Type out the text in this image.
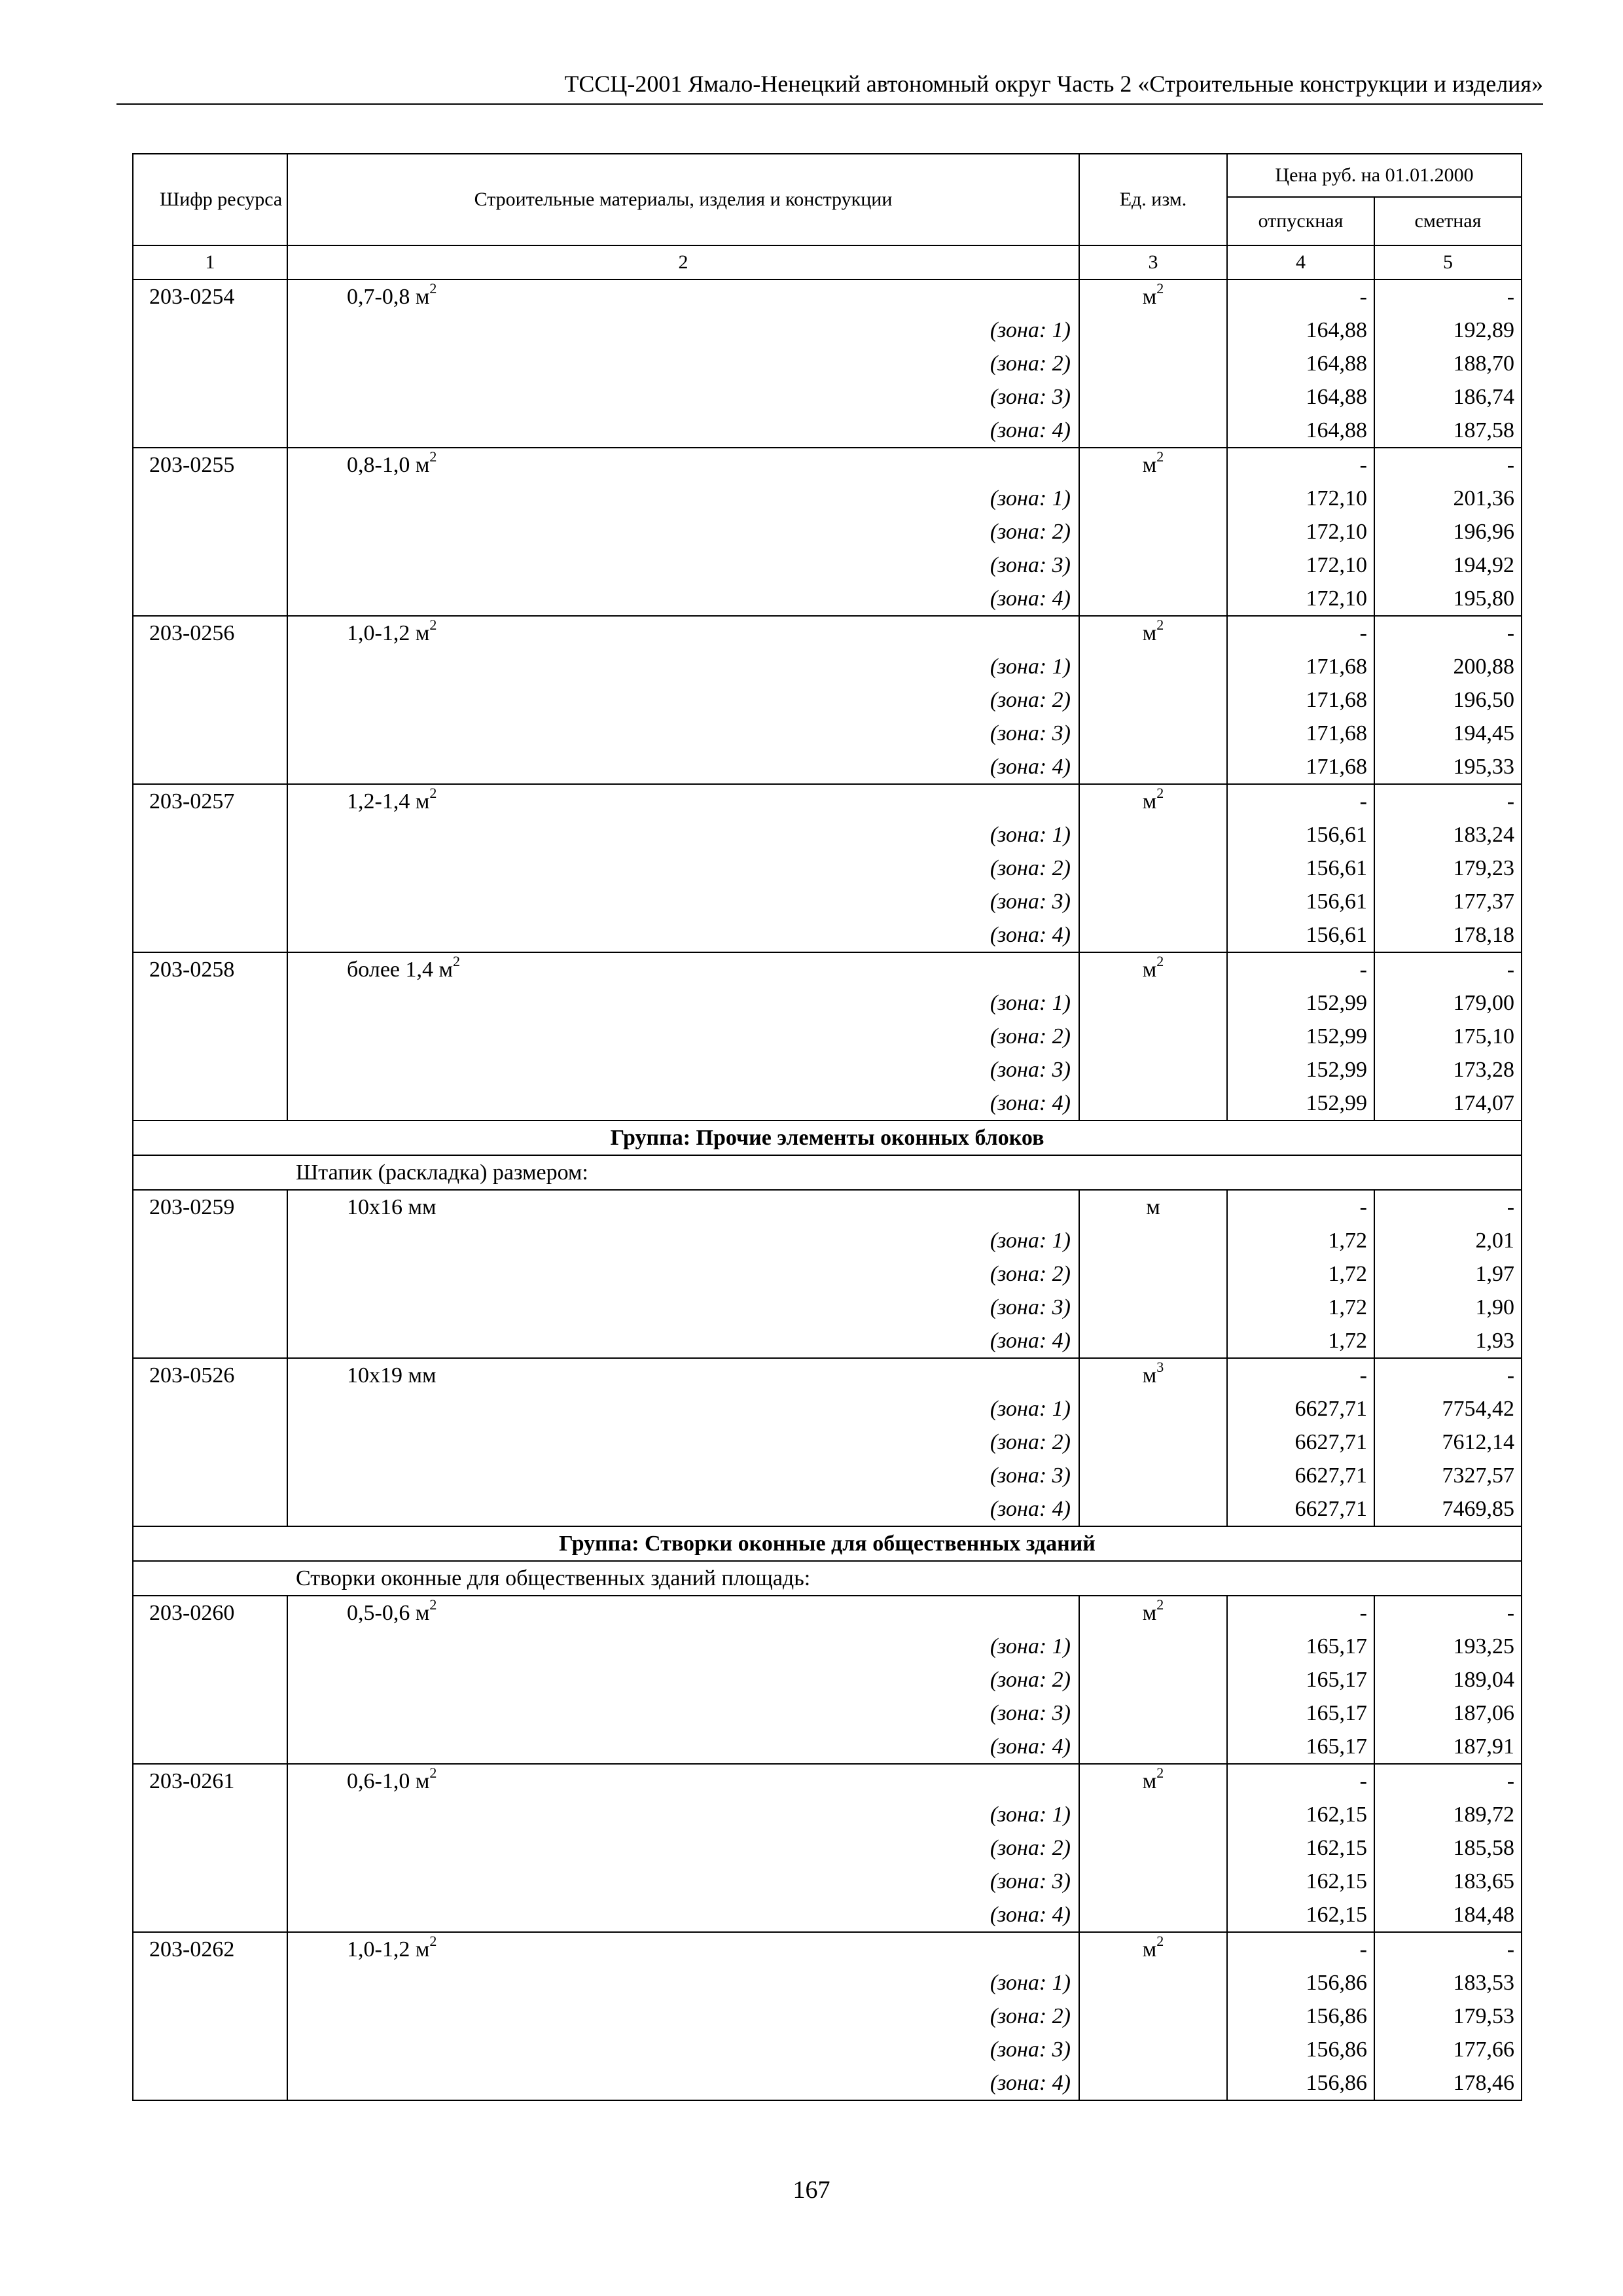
ТССЦ-2001 Ямало-Ненецкий автономный округ Часть 2 «Строительные конструкции и изделия»
Шифр ресурса	Строительные материалы, изделия и конструкции	Ед. изм.	Цена руб. на 01.01.2000	
			отпускная	сметная
1	2	3	4	5
203-0254	0,7-0,8 $м^2$	$м^2$	-	-
	(зона: 1)		164,88	192,89
	(зона: 2)		164,88	188,70
	(зона: 3)		164,88	186,74
	(зона: 4)		164,88	187,58
203-0255	0,8-1,0 $м^2$	$м^2$	-	-
	(зона: 1)		172,10	201,36
	(зона: 2)		172,10	196,96
	(зона: 3)		172,10	194,92
	(зона: 4)		172,10	195,80
203-0256	1,0-1,2 $м^2$	$м^2$	-	-
	(зона: 1)		171,68	200,88
	(зона: 2)		171,68	196,50
	(зона: 3)		171,68	194,45
	(зона: 4)		171,68	195,33
203-0257	1,2-1,4 $м^2$	$м^2$	-	-
	(зона: 1)		156,61	183,24
	(зона: 2)		156,61	179,23
	(зона: 3)		156,61	177,37
	(зона: 4)		156,61	178,18
203-0258	более 1,4 $м^2$	$м^2$	-	-
	(зона: 1)		152,99	179,00
	(зона: 2)		152,99	175,10
	(зона: 3)		152,99	173,28
	(зона: 4)		152,99	174,07
Группа: Прочие элементы оконных блоков				
Штапик (раскладка) размером:				
203-0259	10х16 мм	м	-	-
	(зона: 1)		1,72	2,01
	(зона: 2)		1,72	1,97
	(зона: 3)		1,72	1,90
	(зона: 4)		1,72	1,93
203-0526	10х19 мм	$м^3$	-	-
	(зона: 1)		6627,71	7754,42
	(зона: 2)		6627,71	7612,14
	(зона: 3)		6627,71	7327,57
	(зона: 4)		6627,71	7469,85
Группа: Створки оконные для общественных зданий				
Створки оконные для общественных зданий площадь:				
203-0260	0,5-0,6 $м^2$	$м^2$	-	-
	(зона: 1)		165,17	193,25
	(зона: 2)		165,17	189,04
	(зона: 3)		165,17	187,06
	(зона: 4)		165,17	187,91
203-0261	0,6-1,0 $м^2$	$м^2$	-	-
	(зона: 1)		162,15	189,72
	(зона: 2)		162,15	185,58
	(зона: 3)		162,15	183,65
	(зона: 4)		162,15	184,48
203-0262	1,0-1,2 $м^2$	$м^2$	-	-
	(зона: 1)		156,86	183,53
	(зона: 2)		156,86	179,53
	(зона: 3)		156,86	177,66
	(зона: 4)		156,86	178,46
167
